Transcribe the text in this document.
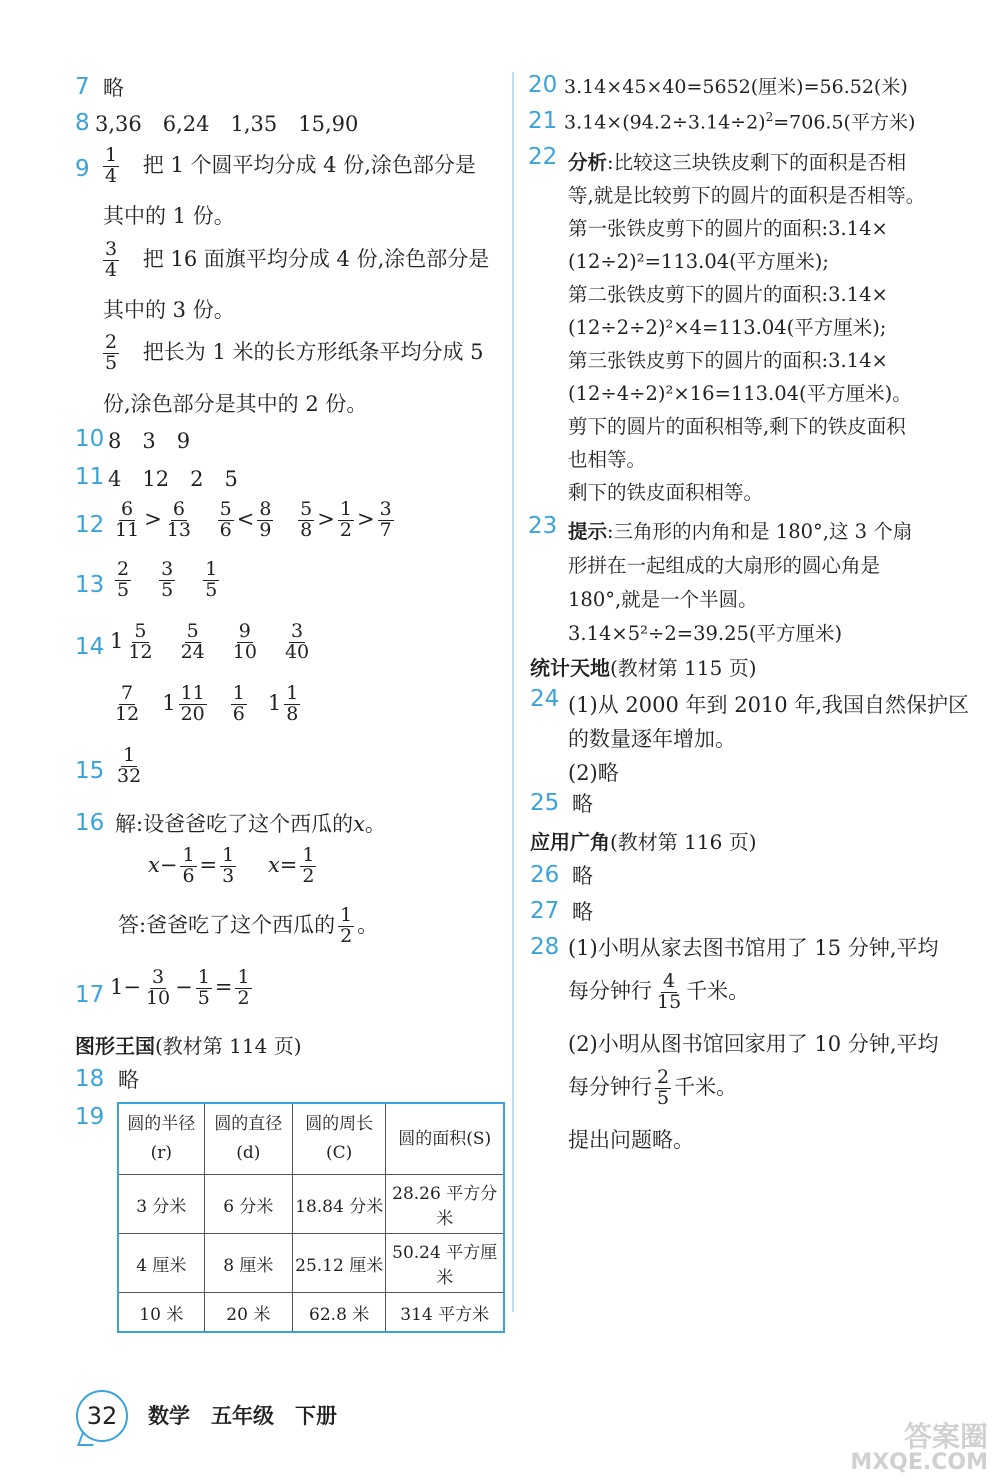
7 略
8 3,36　6,24　1,35　15,90
$9 \frac{1}{4}$ 把 1 个圆平均分成 4 份,涂色部分是
其中的 1 份。
$\frac{3}{4}$ 把 16 面旗平均分成 4 份,涂色部分是
其中的 3 份。
$\frac{2}{5}$ 把长为 1 米的长方形纸条平均分成 5
份,涂色部分是其中的 2 份。
10 8　3　9
11 4　12　2　5
$12 \frac{6}{11} > \frac{6}{13}$
$\frac{5}{6} < \frac{8}{9}$
$\frac{5}{8} > \frac{1}{2} > \frac{3}{7}$
$13 \frac{2}{5} \frac{3}{5} \frac{1}{5}$
14 $1 \frac{5}{12} \frac{5}{24} \frac{9}{10} \frac{3}{40}$
$\frac{7}{12} 1 \frac{11}{20} \frac{1}{6} 1 \frac{1}{8}$
$15 \frac{1}{32}$
16 解:设爸爸吃了这个西瓜的x。
$x- \frac{1}{6} = \frac{1}{3} x= \frac{1}{2}$
答:爸爸吃了这个西瓜的 $\frac{1}{2}$ 。
17 $1- \frac{3}{10} - \frac{1}{5} = \frac{1}{2}$
图形王国(教材第 114 页)
18 略
19 圆的半径(r)	圆的直径(d)	圆的周长(C)	圆的面积(S)
3 分米	6 分米	18.84 分米	28.26 平方分米
4 厘米	8 厘米	25.12 厘米	50.24 平方厘米
10 米	20 米	62.8 米	314 平方米
20 3.14×45×40=5652(厘米)=56.52(米)
21 $3.14\times(94.2\div 3.14\div 2)^2=706.5$(平方米)
22 分析:比较这三块铁皮剩下的面积是否相
等,就是比较剪下的圆片的面积是否相等。
第一张铁皮剪下的圆片的面积:3.14×
(12÷2)²=113.04(平方厘米);
第二张铁皮剪下的圆片的面积:3.14×
(12÷2÷2)²×4=113.04(平方厘米);
第三张铁皮剪下的圆片的面积:3.14×
(12÷4÷2)²×16=113.04(平方厘米)。
剪下的圆片的面积相等,剩下的铁皮面积
也相等。
剩下的铁皮面积相等。
23 提示:三角形的内角和是 180°,这 3 个扇
形拼在一起组成的大扇形的圆心角是
180°,就是一个半圆。
3.14×5²÷2=39.25(平方厘米)
统计天地(教材第 115 页)
24 (1)从 2000 年到 2010 年,我国自然保护区
的数量逐年增加。
(2)略
25 略
应用广角(教材第 116 页)
26 略
27 略
28 (1)小明从家去图书馆用了 15 分钟,平均
每分钟行 $\frac{4}{15}$ 千米。
(2)小明从图书馆回家用了 10 分钟,平均
每分钟行 $\frac{2}{5}$ 千米。
提出问题略。
32 数学　五年级　下册
答案圈
MXQE.COM
